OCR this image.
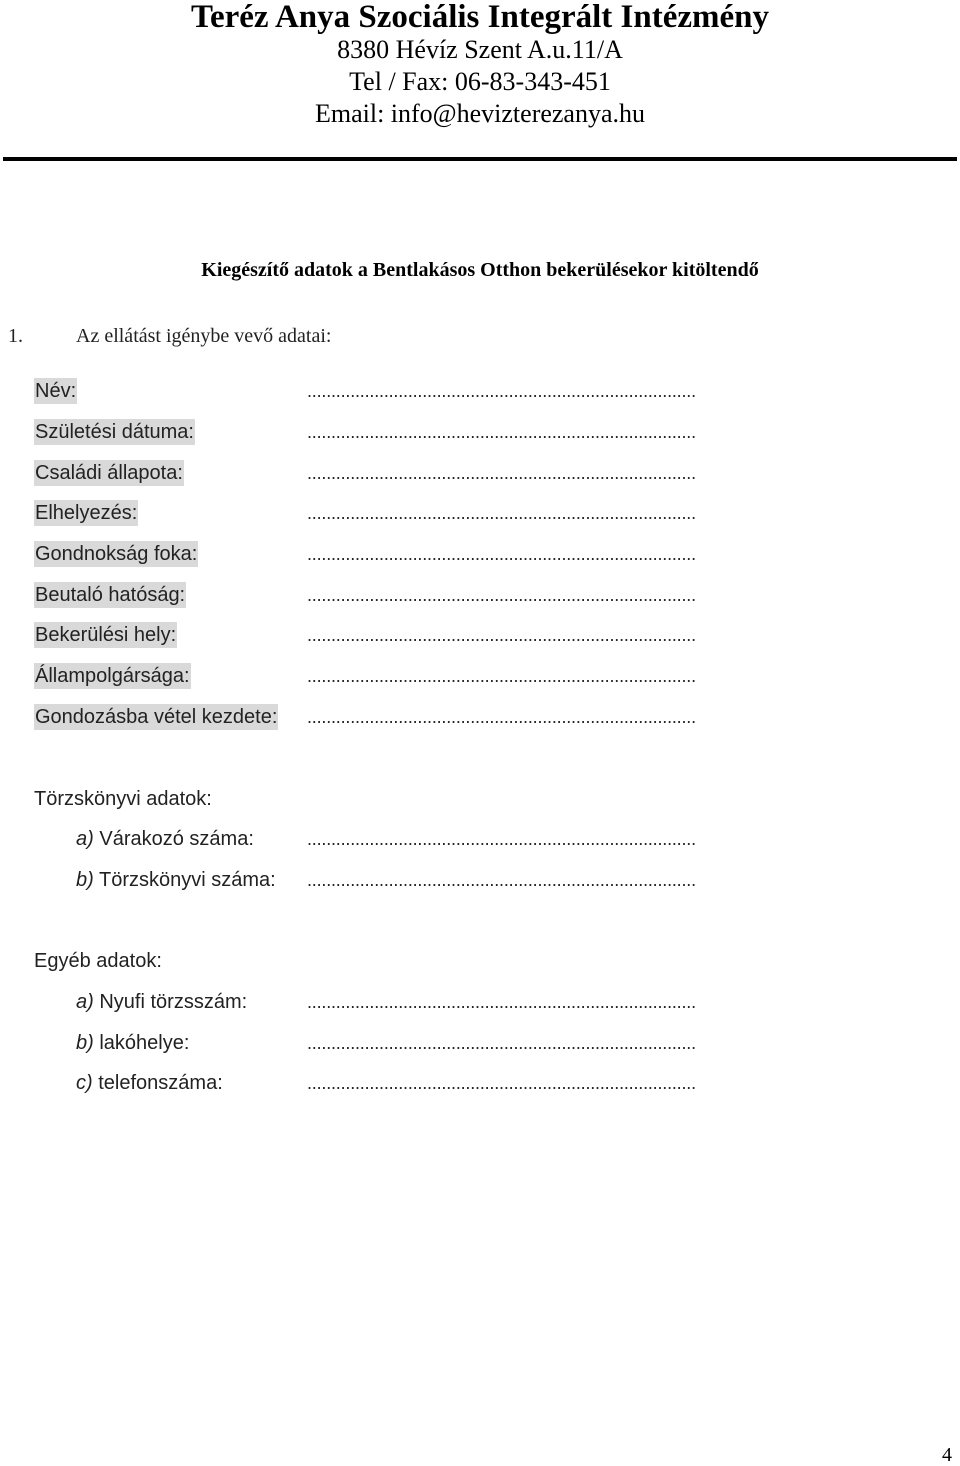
Teréz Anya Szociális Integrált Intézmény
8380 Hévíz Szent A.u.11/A
Tel / Fax: 06-83-343-451
Email: info@hevizterezanya.hu
Kiegészítő adatok a Bentlakásos Otthon bekerülésekor kitöltendő
1.	Az ellátást igénybe vevő adatai:
Név:	.................................................................................
Születési dátuma:	.................................................................................
Családi állapota:	.................................................................................
Elhelyezés:	.................................................................................
Gondnokság foka:	.................................................................................
Beutaló hatóság:	.................................................................................
Bekerülési hely:	.................................................................................
Állampolgársága:	.................................................................................
Gondozásba vétel kezdete: .................................................................................
Törzskönyvi adatok:
a) Várakozó száma:	.................................................................................
b) Törzskönyvi száma: .................................................................................
Egyéb adatok:
a) Nyufi törzsszám:	.................................................................................
b) lakóhelye:	.................................................................................
c) telefonszáma:	.................................................................................
4
